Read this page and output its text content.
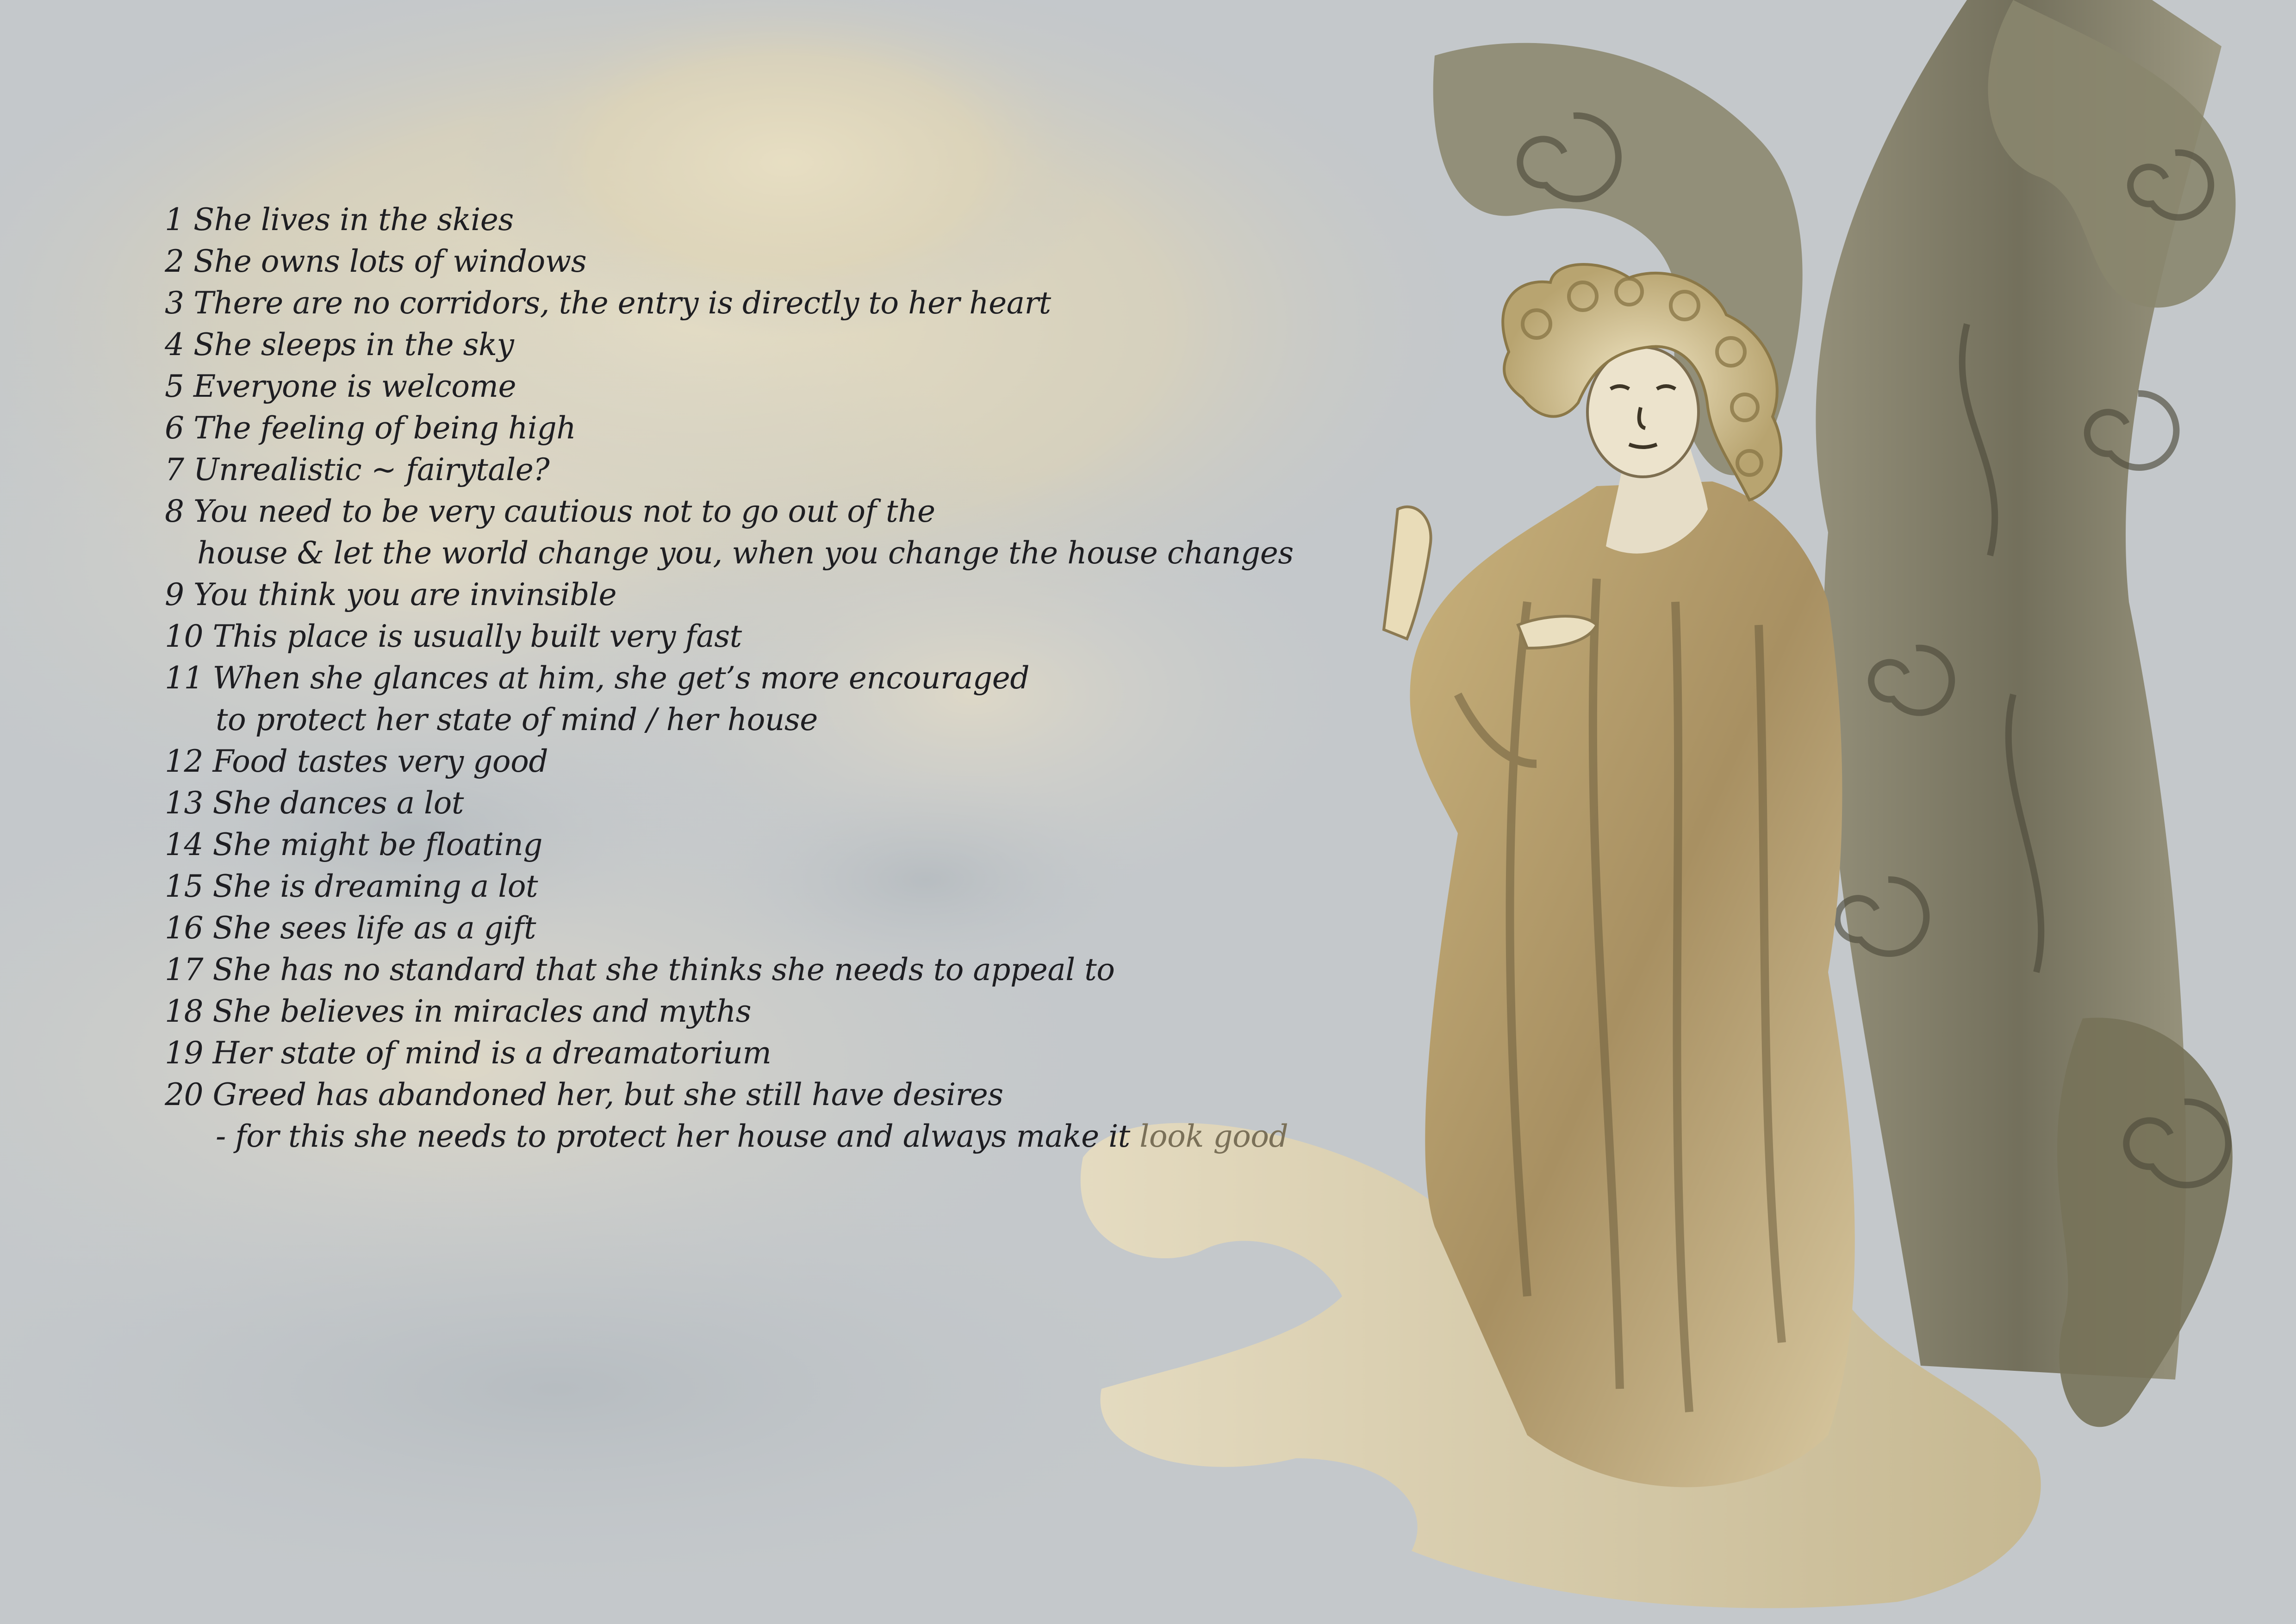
1 She lives in the skies
2 She owns lots of windows
3 There are no corridors, the entry is directly to her heart
4 She sleeps in the sky
5 Everyone is welcome
6 The feeling of being high
7 Unrealistic ~ fairytale?
8 You need to be very cautious not to go out of the
house & let the world change you, when you change the house changes
9 You think you are invinsible
10 This place is usually built very fast
11 When she glances at him, she get’s more encouraged
to protect her state of mind / her house
12 Food tastes very good
13 She dances a lot
14 She might be floating
15 She is dreaming a lot
16 She sees life as a gift
17 She has no standard that she thinks she needs to appeal to
18 She believes in miracles and myths
19 Her state of mind is a dreamatorium
20 Greed has abandoned her, but she still have desires
- for this she needs to protect her house and always make it look good
